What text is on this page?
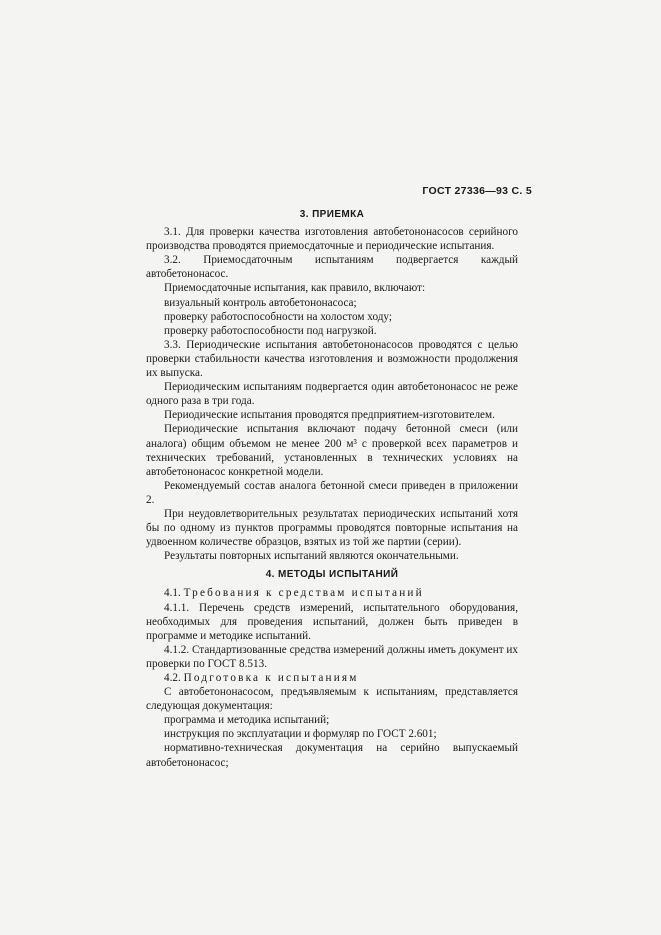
ГОСТ 27336—93 С. 5
3. ПРИЕМКА

3.1. Для проверки качества изготовления автобетононасосов серийного производства проводятся приемосдаточные и периодические испытания.

3.2. Приемосдаточным испытаниям подвергается каждый автобетононасос.

Приемосдаточные испытания, как правило, включают:

визуальный контроль автобетононасоса;

проверку работоспособности на холостом ходу;

проверку работоспособности под нагрузкой.

3.3. Периодические испытания автобетононасосов проводятся с целью проверки стабильности качества изготовления и возможности продолжения их выпуска.

Периодическим испытаниям подвергается один автобетононасос не реже одного раза в три года.

Периодические испытания проводятся предприятием-изготовителем.

Периодические испытания включают подачу бетонной смеси (или аналога) общим объемом не менее 200 м³ с проверкой всех параметров и технических требований, установленных в технических условиях на автобетононасос конкретной модели.

Рекомендуемый состав аналога бетонной смеси приведен в приложении 2.

При неудовлетворительных результатах периодических испытаний хотя бы по одному из пунктов программы проводятся повторные испытания на удвоенном количестве образцов, взятых из той же партии (серии).

Результаты повторных испытаний являются окончательными.

4. МЕТОДЫ ИСПЫТАНИЙ

4.1. Требования к средствам испытаний

4.1.1. Перечень средств измерений, испытательного оборудования, необходимых для проведения испытаний, должен быть приведен в программе и методике испытаний.

4.1.2. Стандартизованные средства измерений должны иметь документ их проверки по ГОСТ 8.513.

4.2. Подготовка к испытаниям

С автобетононасосом, предъявляемым к испытаниям, представляется следующая документация:

программа и методика испытаний;

инструкция по эксплуатации и формуляр по ГОСТ 2.601;

нормативно-техническая документация на серийно выпускаемый автобетононасос;
